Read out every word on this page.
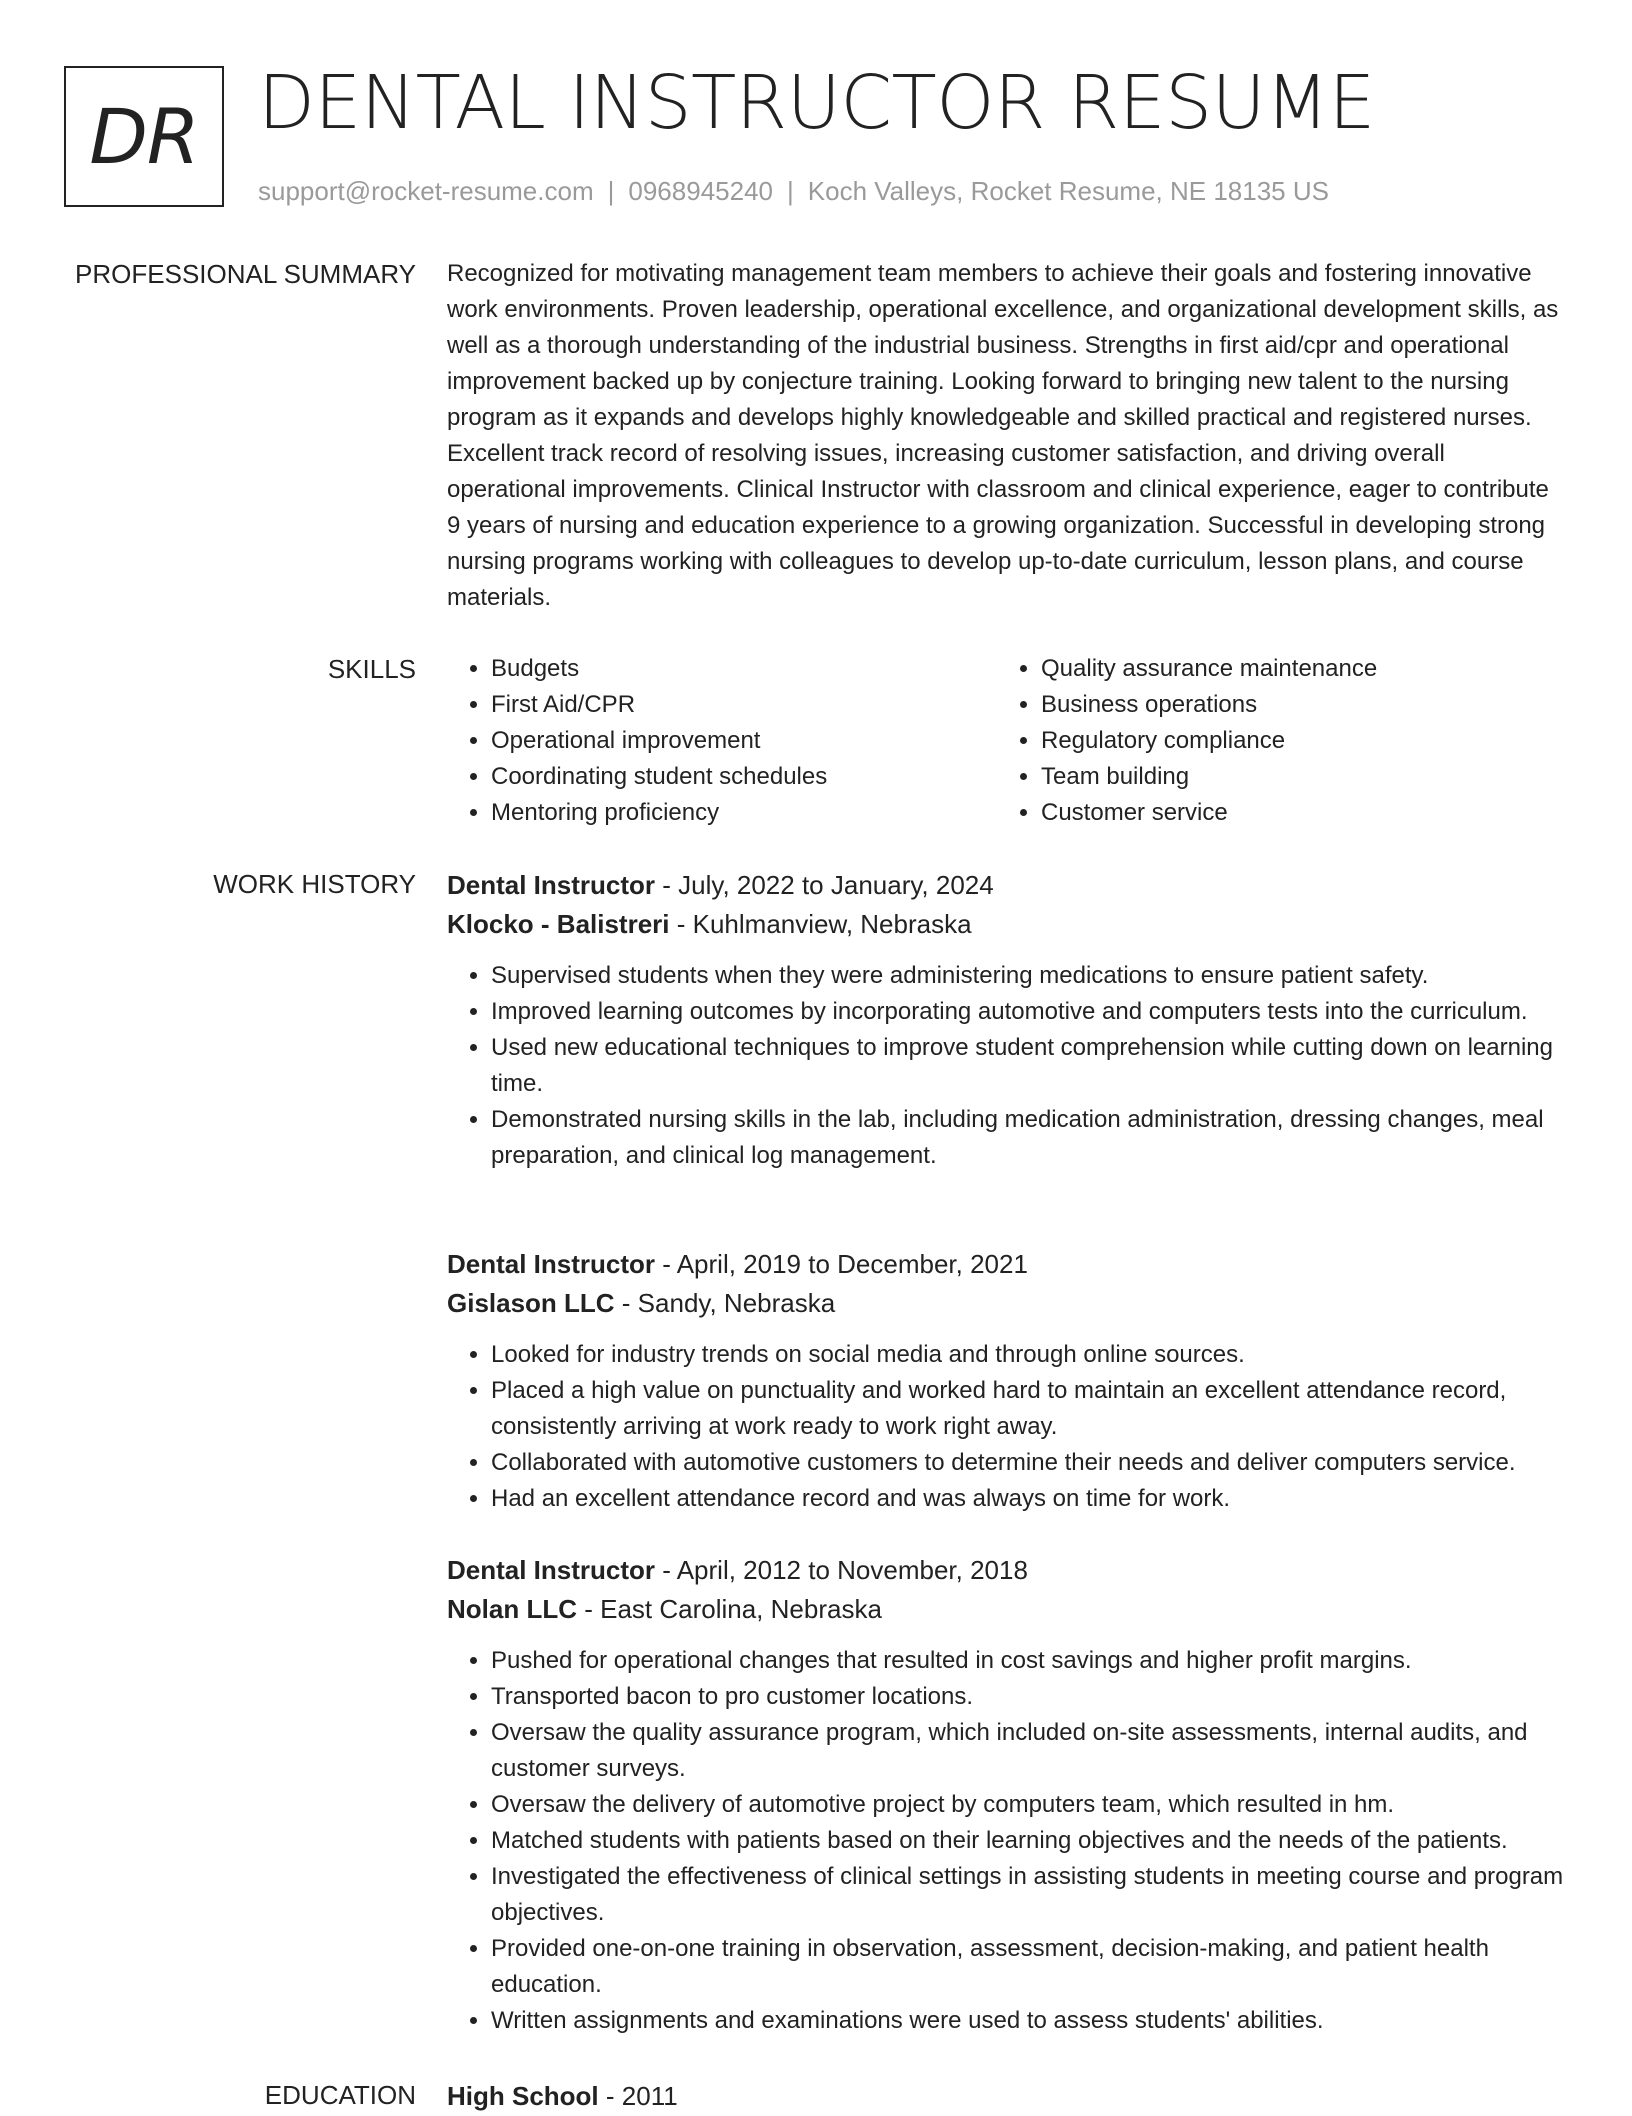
DR DENTAL INSTRUCTOR RESUME
support@rocket-resume.com | 0968945240 | Koch Valleys, Rocket Resume, NE 18135 US
PROFESSIONAL SUMMARY Recognized for motivating management team members to achieve their goals and fostering innovative work environments. Proven leadership, operational excellence, and organizational development skills, as well as a thorough understanding of the industrial business. Strengths in first aid/cpr and operational improvement backed up by conjecture training. Looking forward to bringing new talent to the nursing program as it expands and develops highly knowledgeable and skilled practical and registered nurses. Excellent track record of resolving issues, increasing customer satisfaction, and driving overall operational improvements. Clinical Instructor with classroom and clinical experience, eager to contribute 9 years of nursing and education experience to a growing organization. Successful in developing strong nursing programs working with colleagues to develop up-to-date curriculum, lesson plans, and course materials.

SKILLS
•	Budgets
• First Aid/CPR
• Operational improvement
• Coordinating student schedules
• Mentoring proficiency
• Quality assurance maintenance
• Business operations
• Regulatory compliance
• Team building
• Customer service
WORK HISTORY Dental Instructor - July, 2022 to January, 2024
Klocko - Balistreri - Kuhlmanview, Nebraska
• Supervised students when they were administering medications to ensure patient safety.
• Improved learning outcomes by incorporating automotive and computers tests into the curriculum.
• Used new educational techniques to improve student comprehension while cutting down on learning time.
• Demonstrated nursing skills in the lab, including medication administration, dressing changes, meal preparation, and clinical log management.
Dental Instructor - April, 2019 to December, 2021
Gislason LLC - Sandy, Nebraska
• Looked for industry trends on social media and through online sources.
• Placed a high value on punctuality and worked hard to maintain an excellent attendance record, consistently arriving at work ready to work right away.
• Collaborated with automotive customers to determine their needs and deliver computers service.
• Had an excellent attendance record and was always on time for work.
Dental Instructor - April, 2012 to November, 2018
Nolan LLC - East Carolina, Nebraska
• Pushed for operational changes that resulted in cost savings and higher profit margins.
• Transported bacon to pro customer locations.
• Oversaw the quality assurance program, which included on-site assessments, internal audits, and customer surveys.
• Oversaw the delivery of automotive project by computers team, which resulted in hm.
• Matched students with patients based on their learning objectives and the needs of the patients.
• Investigated the effectiveness of clinical settings in assisting students in meeting course and program objectives.
• Provided one-on-one training in observation, assessment, decision-making, and patient health education.
• Written assignments and examinations were used to assess students' abilities.
EDUCATION High School - 2011
